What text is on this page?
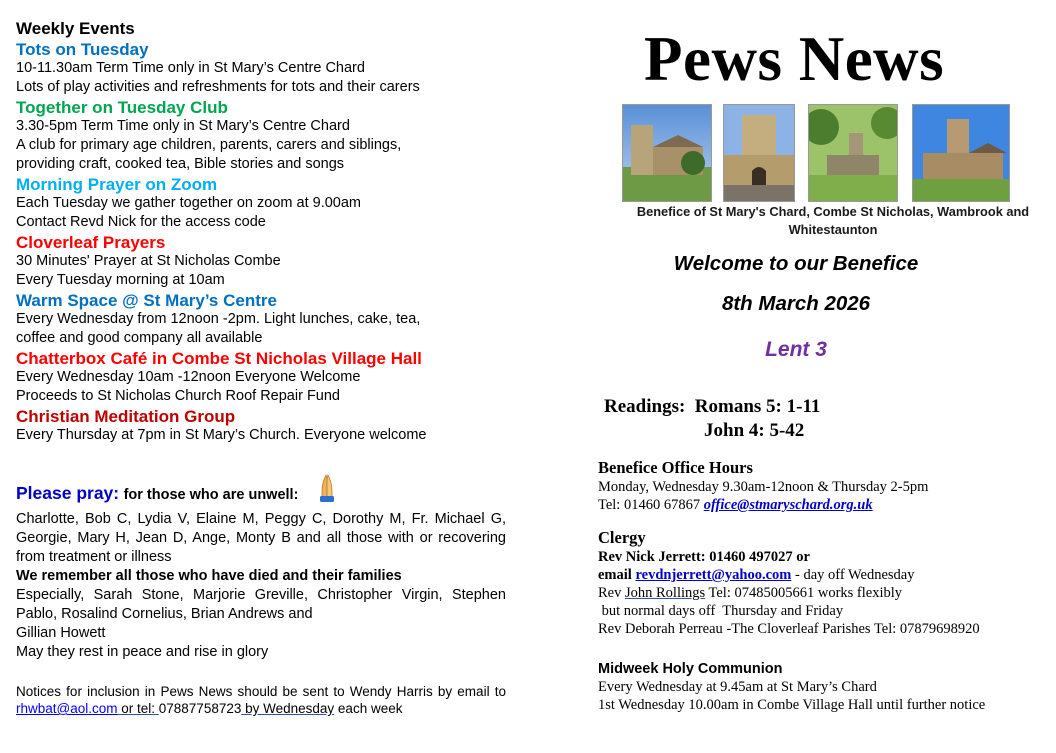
Weekly Events
Tots on Tuesday
10-11.30am Term Time only in St Mary’s Centre Chard
Lots of play activities and refreshments for tots and their carers
Together on Tuesday Club
3.30-5pm Term Time only in St Mary’s Centre Chard
A club for primary age children, parents, carers and siblings,
providing craft, cooked tea, Bible stories and songs
Morning Prayer on Zoom
Each Tuesday we gather together on zoom at 9.00am
Contact Revd Nick for the access code
Cloverleaf Prayers
30 Minutes' Prayer at St Nicholas Combe
Every Tuesday morning at 10am
Warm Space @ St Mary’s Centre
Every Wednesday from 12noon -2pm. Light lunches, cake, tea,
coffee and good company all available
Chatterbox Café in Combe St Nicholas Village Hall
Every Wednesday 10am -12noon Everyone Welcome
Proceeds to St Nicholas Church Roof Repair Fund
Christian Meditation Group
Every Thursday at 7pm in St Mary’s Church. Everyone welcome
Please pray: for those who are unwell:
Charlotte, Bob C, Lydia V, Elaine M, Peggy C, Dorothy M, Fr. Michael G, Georgie, Mary H, Jean D, Ange, Monty B and all those with or recovering from treatment or illness
We remember all those who have died and their families
Especially, Sarah Stone, Marjorie Greville, Christopher Virgin, Stephen Pablo, Rosalind Cornelius, Brian Andrews and
Gillian Howett
May they rest in peace and rise in glory
Notices for inclusion in Pews News should be sent to Wendy Harris by email to rhwbat@aol.com or tel: 07887758723 by Wednesday each week
Pews News
Benefice of St Mary's Chard, Combe St Nicholas, Wambrook and Whitestaunton
Welcome to our Benefice
8th March 2026
Lent 3
Readings:  Romans 5: 1-11
John 4: 5-42
Benefice Office Hours
Monday, Wednesday 9.30am-12noon & Thursday 2-5pm
Tel: 01460 67867 office@stmaryschard.org.uk
Clergy
Rev Nick Jerrett: 01460 497027 or
email revdnjerrett@yahoo.com - day off Wednesday
Rev John Rollings Tel: 07485005661 works flexibly
but normal days off  Thursday and Friday
Rev Deborah Perreau -The Cloverleaf Parishes Tel: 07879698920
Midweek Holy Communion
Every Wednesday at 9.45am at St Mary’s Chard
1st Wednesday 10.00am in Combe Village Hall until further notice
